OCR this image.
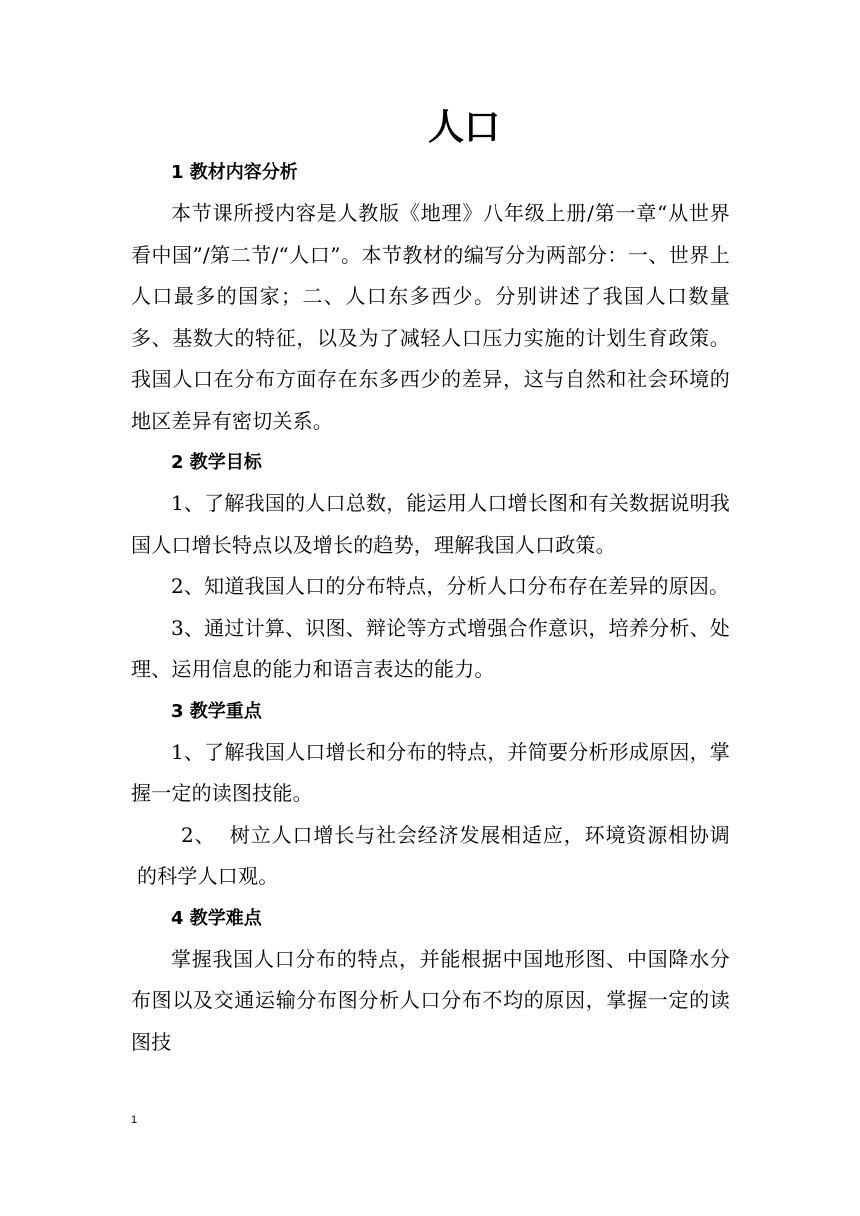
人口
1 教材内容分析

本节课所授内容是人教版《地理》八年级上册/第一章“从世界看中国”/第二节/“人口”。本节教材的编写分为两部分：一、世界上人口最多的国家；二、人口东多西少。分别讲述了我国人口数量多、基数大的特征，以及为了减轻人口压力实施的计划生育政策。我国人口在分布方面存在东多西少的差异，这与自然和社会环境的地区差异有密切关系。

2 教学目标

1、了解我国的人口总数，能运用人口增长图和有关数据说明我国人口增长特点以及增长的趋势，理解我国人口政策。

2、知道我国人口的分布特点，分析人口分布存在差异的原因。

3、通过计算、识图、辩论等方式增强合作意识，培养分析、处理、运用信息的能力和语言表达的能力。

3 教学重点

1、了解我国人口增长和分布的特点，并简要分析形成原因，掌握一定的读图技能。

2、  树立人口增长与社会经济发展相适应，环境资源相协调的科学人口观。

4 教学难点

掌握我国人口分布的特点，并能根据中国地形图、中国降水分布图以及交通运输分布图分析人口分布不均的原因，掌握一定的读图技

1
